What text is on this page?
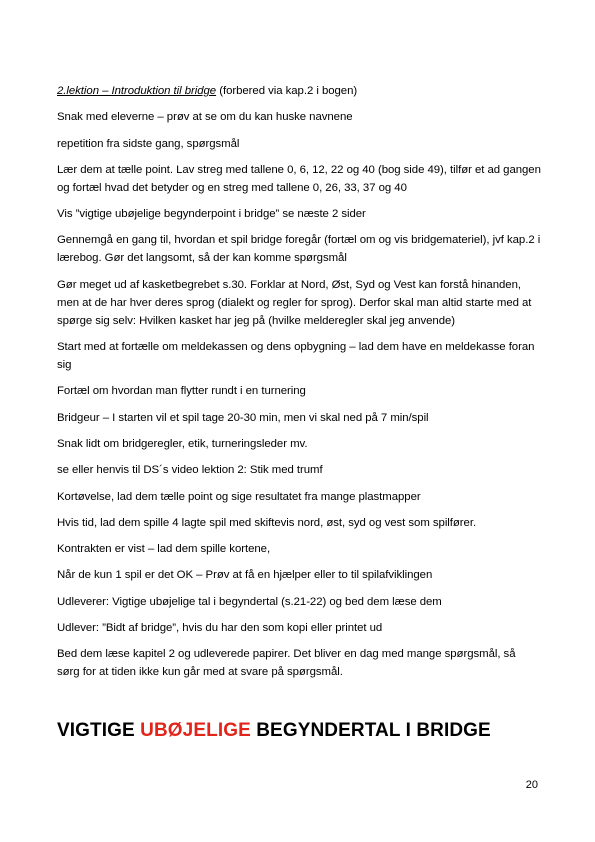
2.lektion – Introduktion til bridge (forbered via kap.2 i bogen)

Snak med eleverne – prøv at se om du kan huske navnene

repetition fra sidste gang, spørgsmål

Lær dem at tælle point. Lav streg med tallene 0, 6, 12, 22 og 40 (bog side 49), tilfør et ad gangen og fortæl hvad det betyder og en streg med tallene 0, 26, 33, 37 og 40

Vis ”vigtige ubøjelige begynderpoint i bridge” se næste 2 sider

Gennemgå en gang til, hvordan et spil bridge foregår (fortæl om og vis bridgemateriel), jvf kap.2 i lærebog. Gør det langsomt, så der kan komme spørgsmål

Gør meget ud af kasketbegrebet s.30. Forklar at Nord, Øst, Syd og Vest kan forstå hinanden, men at de har hver deres sprog (dialekt og regler for sprog). Derfor skal man altid starte med at spørge sig selv: Hvilken kasket har jeg på (hvilke melderegler skal jeg anvende)

Start med at fortælle om meldekassen og dens opbygning – lad dem have en meldekasse foran sig

Fortæl om hvordan man flytter rundt i en turnering

Bridgeur – I starten vil et spil tage 20-30 min, men vi skal ned på 7 min/spil

Snak lidt om bridgeregler, etik, turneringsleder mv.

se eller henvis til DS´s video lektion 2: Stik med trumf

Kortøvelse, lad dem tælle point og sige resultatet fra mange plastmapper

Hvis tid, lad dem spille 4 lagte spil med skiftevis nord, øst, syd og vest som spilfører.

Kontrakten er vist – lad dem spille kortene,

Når de kun 1 spil er det OK – Prøv at få en hjælper eller to til spilafviklingen

Udleverer: Vigtige ubøjelige tal i begyndertal (s.21-22) og bed dem læse dem

Udlever: ”Bidt af bridge”, hvis du har den som kopi eller printet ud

Bed dem læse kapitel 2 og udleverede papirer. Det bliver en dag med mange spørgsmål, så sørg for at tiden ikke kun går med at svare på spørgsmål.

VIGTIGE UBØJELIGE BEGYNDERTAL I BRIDGE
20
